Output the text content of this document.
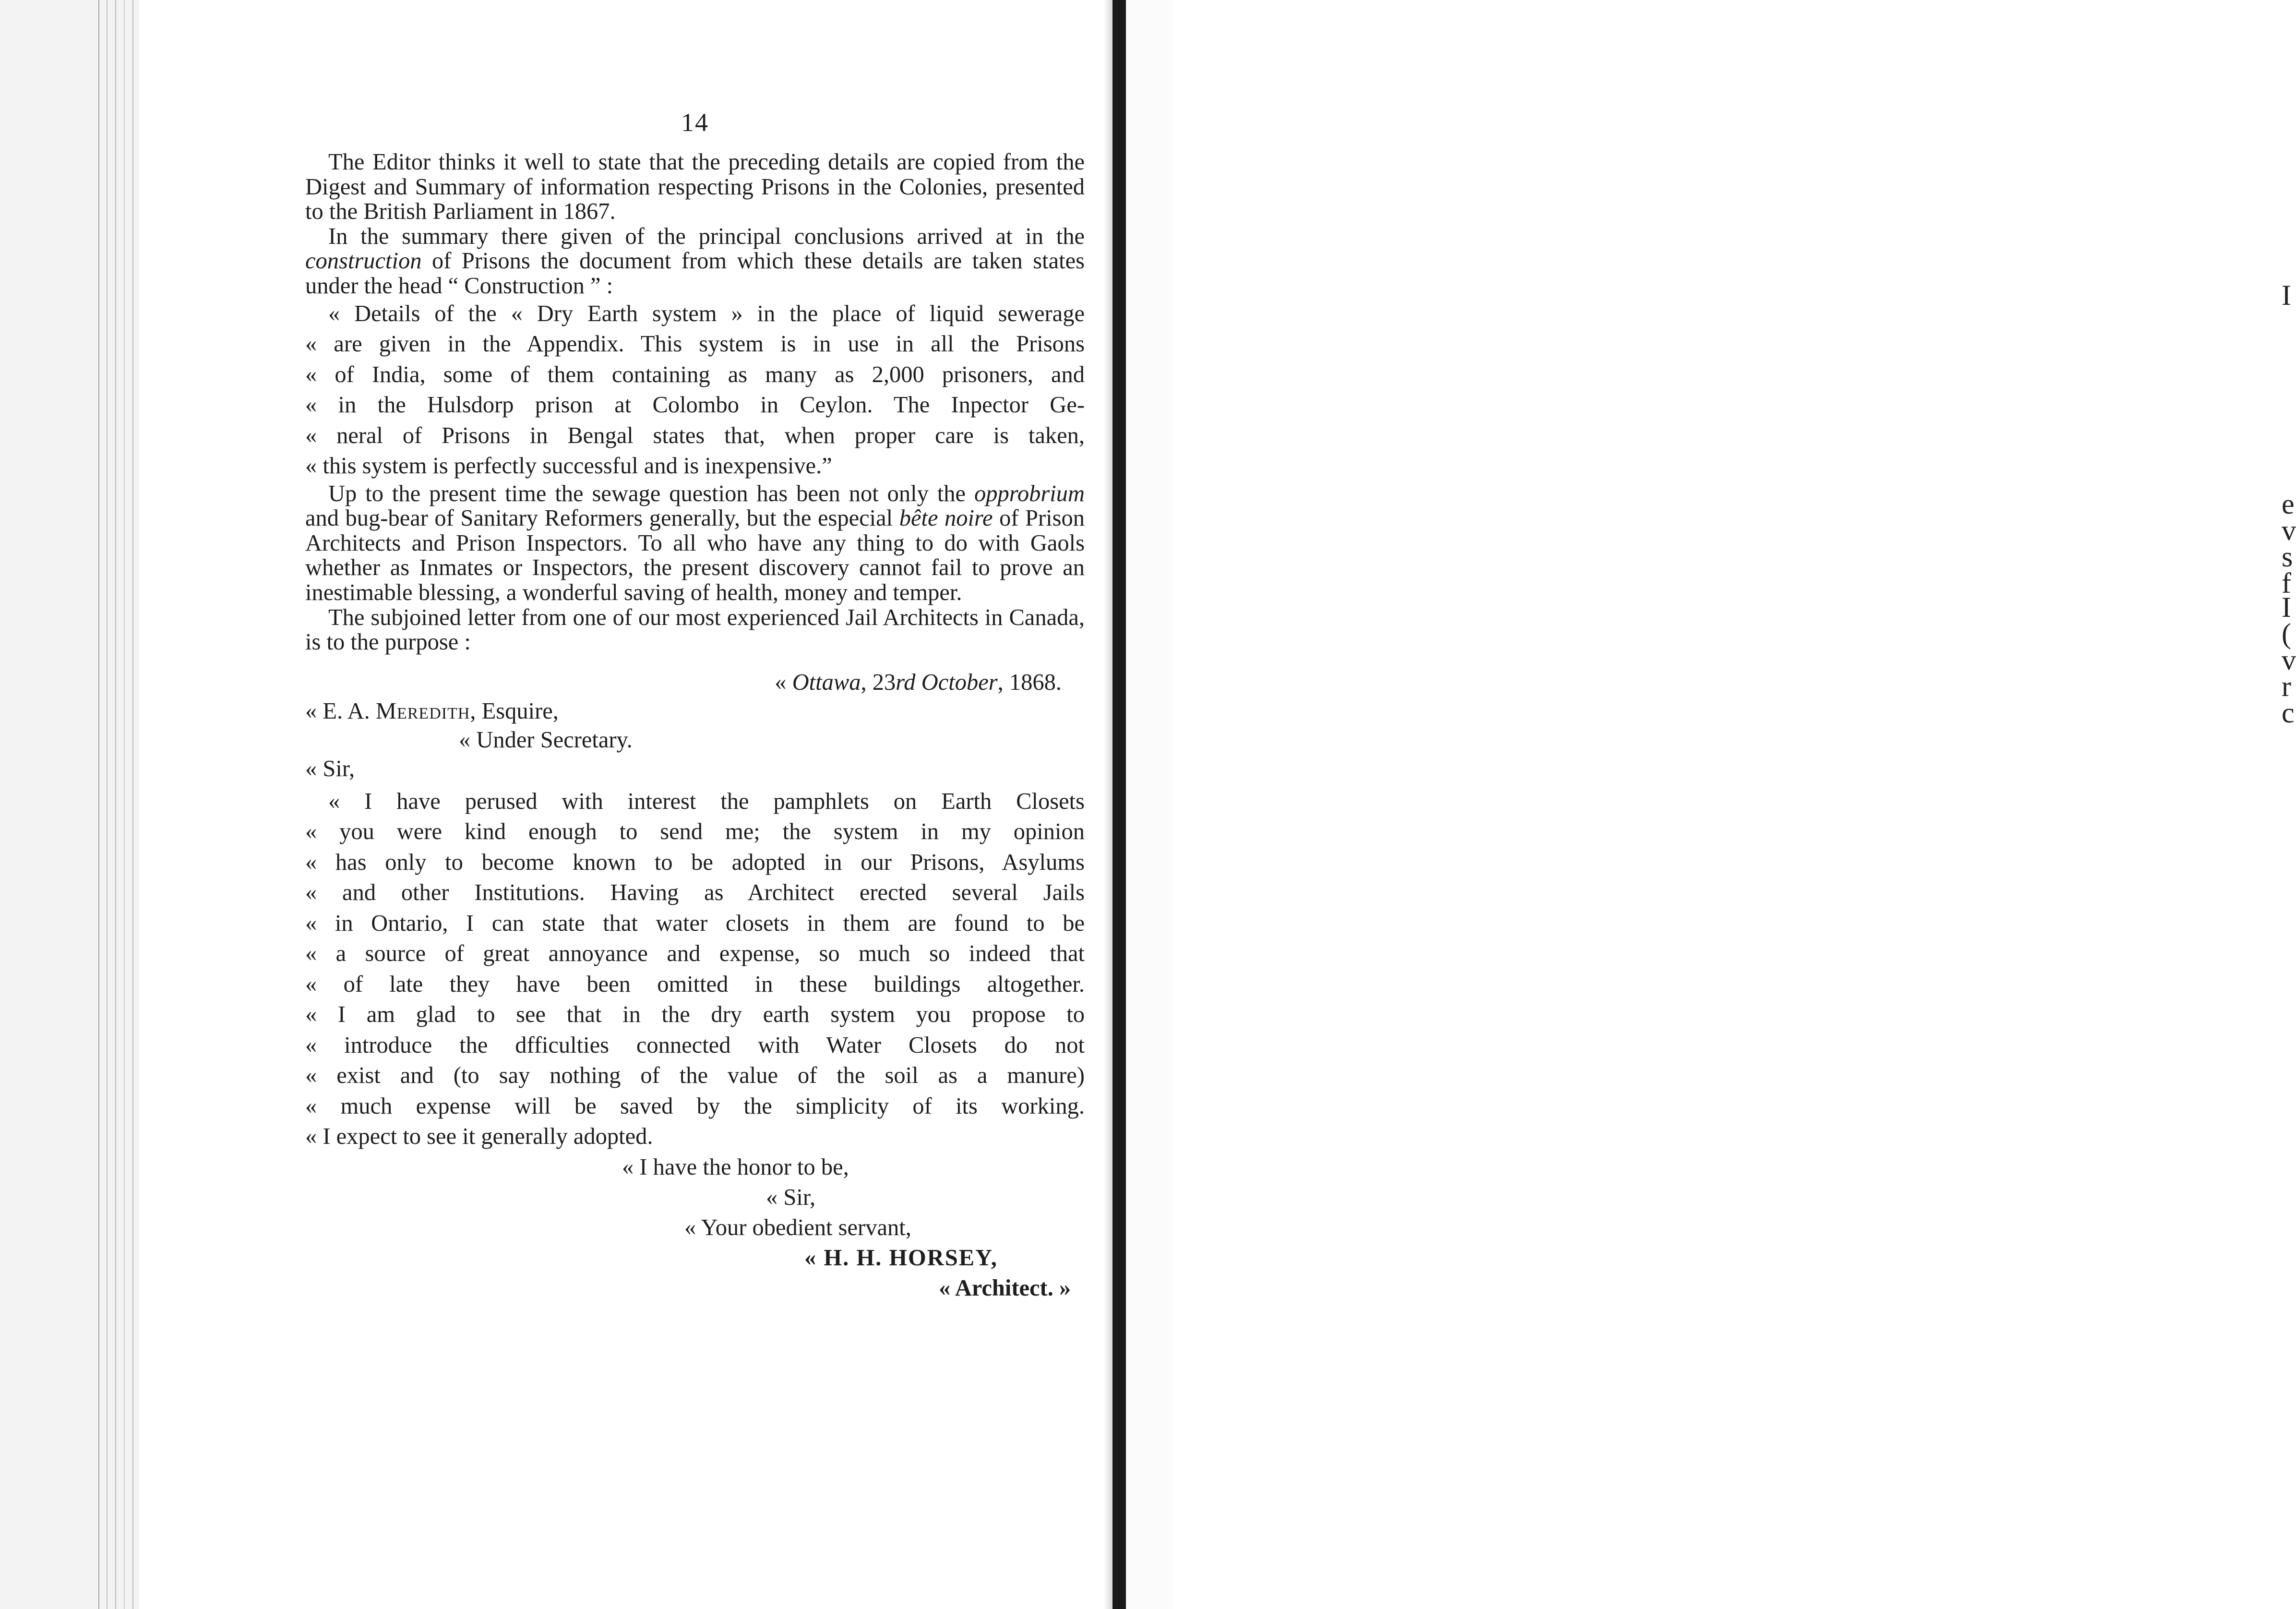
I
e
v
s
f
I
(
v
r
c
14

The Editor thinks it well to state that the preceding details are copied from the Digest and Summary of information respecting Prisons in the Colonies, presented to the British Parliament in 1867.

In the summary there given of the principal conclusions arrived at in the construction of Prisons the document from which these details are taken states under the head “ Construction ” :

« Details of the « Dry Earth system » in the place of liquid sewerage
« are given in the Appendix. This system is in use in all the Prisons
« of India, some of them containing as many as 2,000 prisoners, and
« in the Hulsdorp prison at Colombo in Ceylon. The Inpector Ge-
« neral of Prisons in Bengal states that, when proper care is taken,
« this system is perfectly successful and is inexpensive.”

Up to the present time the sewage question has been not only the opprobrium and bug-bear of Sanitary Reformers generally, but the especial bête noire of Prison Architects and Prison Inspectors. To all who have any thing to do with Gaols whether as Inmates or Inspectors, the present discovery cannot fail to prove an inestimable blessing, a wonderful saving of health, money and temper.

The subjoined letter from one of our most experienced Jail Architects in Canada, is to the purpose :

« Ottawa, 23rd October, 1868.
« E. A. Meredith, Esquire,
« Under Secretary.
« Sir,
« I have perused with interest the pamphlets on Earth Closets
« you were kind enough to send me; the system in my opinion
« has only to become known to be adopted in our Prisons, Asylums
« and other Institutions. Having as Architect erected several Jails
« in Ontario, I can state that water closets in them are found to be
« a source of great annoyance and expense, so much so indeed that
« of late they have been omitted in these buildings altogether.
« I am glad to see that in the dry earth system you propose to
« introduce the dfficulties connected with Water Closets do not
« exist and (to say nothing of the value of the soil as a manure)
« much expense will be saved by the simplicity of its working.
« I expect to see it generally adopted.
« I have the honor to be,
« Sir,
« Your obedient servant,
« H. H. HORSEY,
« Architect. »
